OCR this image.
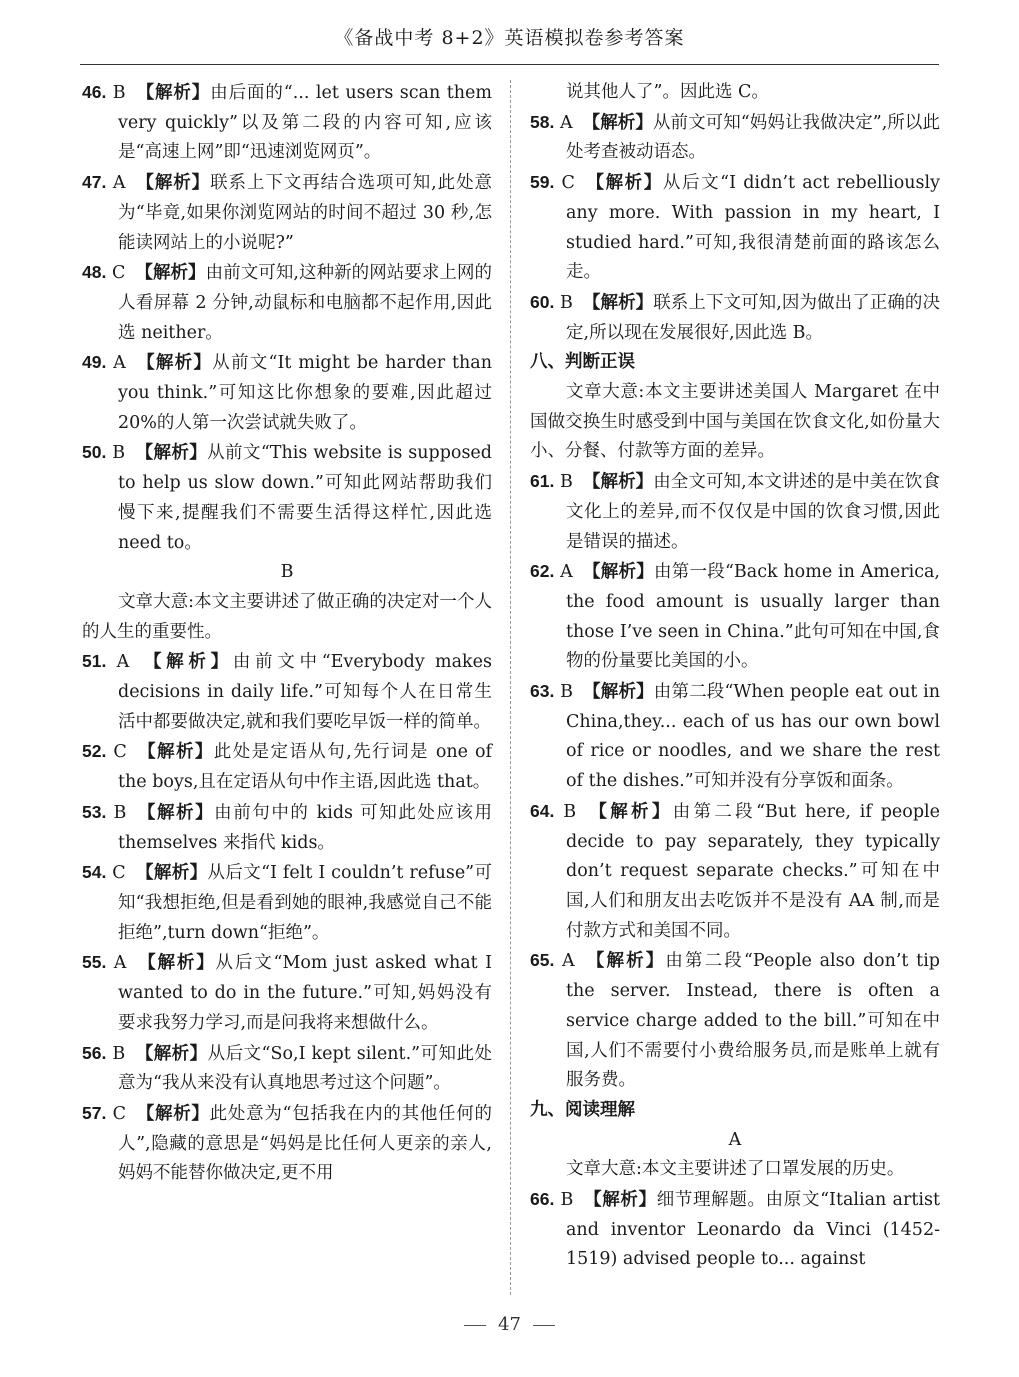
《备战中考 8+2》英语模拟卷参考答案

46. B 【解析】由后面的“... let users scan them very quickly”以及第二段的内容可知,应该是“高速上网”即“迅速浏览网页”。

47. A 【解析】联系上下文再结合选项可知,此处意为“毕竟,如果你浏览网站的时间不超过 30 秒,怎能读网站上的小说呢?”

48. C 【解析】由前文可知,这种新的网站要求上网的人看屏幕 2 分钟,动鼠标和电脑都不起作用,因此选 neither。

49. A 【解析】从前文“It might be harder than you think.”可知这比你想象的要难,因此超过 20%的人第一次尝试就失败了。

50. B 【解析】从前文“This website is supposed to help us slow down.”可知此网站帮助我们慢下来,提醒我们不需要生活得这样忙,因此选 need to。

B

文章大意:本文主要讲述了做正确的决定对一个人的人生的重要性。

51. A 【解析】由前文中“Everybody makes decisions in daily life.”可知每个人在日常生活中都要做决定,就和我们要吃早饭一样的简单。

52. C 【解析】此处是定语从句,先行词是 one of the boys,且在定语从句中作主语,因此选 that。

53. B 【解析】由前句中的 kids 可知此处应该用 themselves 来指代 kids。

54. C 【解析】从后文“I felt I couldn’t refuse”可知“我想拒绝,但是看到她的眼神,我感觉自己不能拒绝”,turn down“拒绝”。

55. A 【解析】从后文“Mom just asked what I wanted to do in the future.”可知,妈妈没有要求我努力学习,而是问我将来想做什么。

56. B 【解析】从后文“So,I kept silent.”可知此处意为“我从来没有认真地思考过这个问题”。

57. C 【解析】此处意为“包括我在内的其他任何的人”,隐藏的意思是“妈妈是比任何人更亲的亲人,妈妈不能替你做决定,更不用

说其他人了”。因此选 C。

58. A 【解析】从前文可知“妈妈让我做决定”,所以此处考查被动语态。

59. C 【解析】从后文“I didn’t act rebelliously any more. With passion in my heart, I studied hard.”可知,我很清楚前面的路该怎么走。

60. B 【解析】联系上下文可知,因为做出了正确的决定,所以现在发展很好,因此选 B。

八、判断正误

文章大意:本文主要讲述美国人 Margaret 在中国做交换生时感受到中国与美国在饮食文化,如份量大小、分餐、付款等方面的差异。

61. B 【解析】由全文可知,本文讲述的是中美在饮食文化上的差异,而不仅仅是中国的饮食习惯,因此是错误的描述。

62. A 【解析】由第一段“Back home in America, the food amount is usually larger than those I’ve seen in China.”此句可知在中国,食物的份量要比美国的小。

63. B 【解析】由第二段“When people eat out in China,they... each of us has our own bowl of rice or noodles, and we share the rest of the dishes.”可知并没有分享饭和面条。

64. B 【解析】由第二段“But here, if people decide to pay separately, they typically don’t request separate checks.”可知在中国,人们和朋友出去吃饭并不是没有 AA 制,而是付款方式和美国不同。

65. A 【解析】由第二段“People also don’t tip the server. Instead, there is often a service charge added to the bill.”可知在中国,人们不需要付小费给服务员,而是账单上就有服务费。

九、阅读理解

A

文章大意:本文主要讲述了口罩发展的历史。

66. B 【解析】细节理解题。由原文“Italian artist and inventor Leonardo da Vinci (1452-1519) advised people to... against

47
